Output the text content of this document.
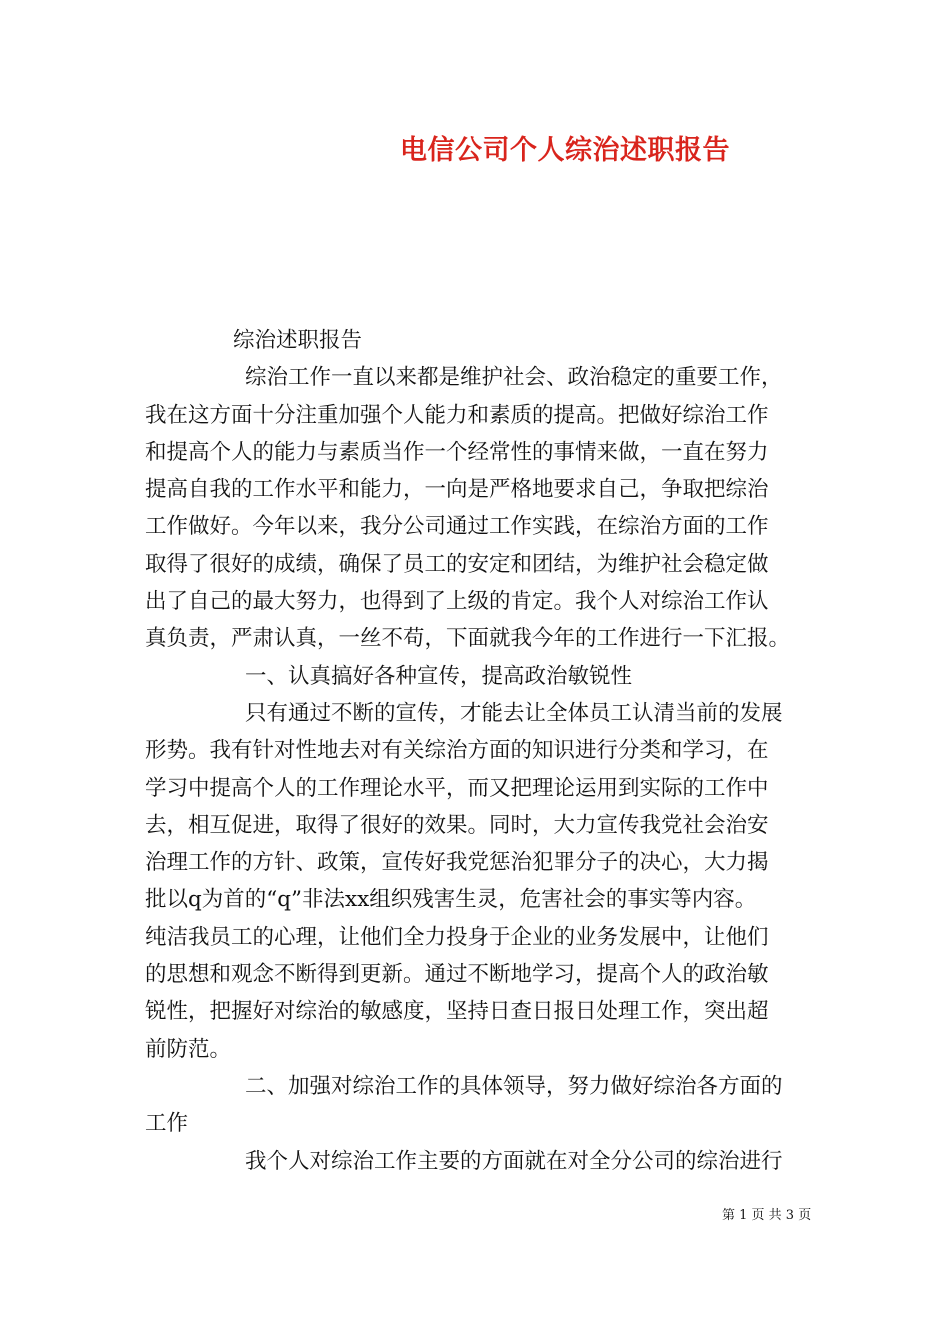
电信公司个人综治述职报告
综治述职报告
综治工作一直以来都是维护社会、政治稳定的重要工作，
我在这方面十分注重加强个人能力和素质的提高。把做好综治工作
和提高个人的能力与素质当作一个经常性的事情来做，一直在努力
提高自我的工作水平和能力，一向是严格地要求自己，争取把综治
工作做好。今年以来，我分公司通过工作实践，在综治方面的工作
取得了很好的成绩，确保了员工的安定和团结，为维护社会稳定做
出了自己的最大努力，也得到了上级的肯定。我个人对综治工作认
真负责，严肃认真，一丝不苟，下面就我今年的工作进行一下汇报。
一、认真搞好各种宣传，提高政治敏锐性
只有通过不断的宣传，才能去让全体员工认清当前的发展
形势。我有针对性地去对有关综治方面的知识进行分类和学习，在
学习中提高个人的工作理论水平，而又把理论运用到实际的工作中
去，相互促进，取得了很好的效果。同时，大力宣传我党社会治安
治理工作的方针、政策，宣传好我党惩治犯罪分子的决心，大力揭
批以q为首的“q”非法xx组织残害生灵，危害社会的事实等内容。
纯洁我员工的心理，让他们全力投身于企业的业务发展中，让他们
的思想和观念不断得到更新。通过不断地学习，提高个人的政治敏
锐性，把握好对综治的敏感度，坚持日查日报日处理工作，突出超
前防范。
二、加强对综治工作的具体领导，努力做好综治各方面的
工作
我个人对综治工作主要的方面就在对全分公司的综治进行
第 1 页 共 3 页
